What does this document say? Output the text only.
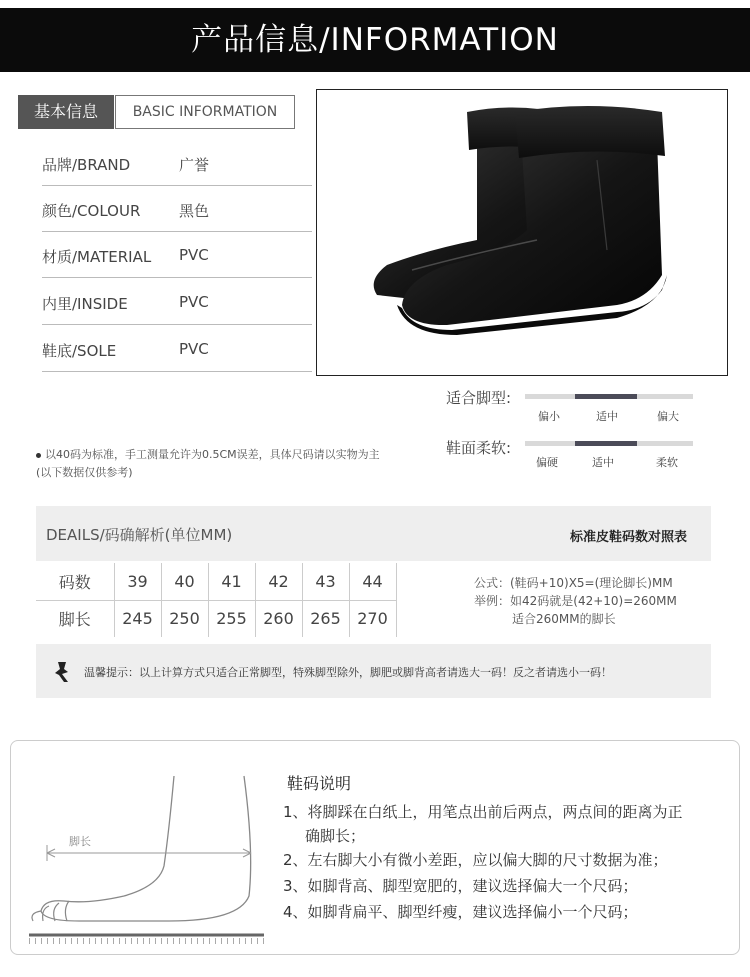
产品信息/INFORMATION
基本信息	BASIC INFORMATION
品牌/BRAND	广誉
颜色/COLOUR	黑色
材质/MATERIAL PVC
内里/INSIDE	PVC
鞋底/SOLE	PVC
适合脚型:
偏小	适中	偏大
鞋面柔软:
偏硬	适中	柔软
以40码为标准，手工测量允许为0.5CM误差，具体尺码请以实物为主
(以下数据仅供参考)
DEAILS/码确解析(单位MM)	标准皮鞋码数对照表
码数	39	40	41	42	43	44
脚长	245	250	255	260	265	270
公式：(鞋码+10)X5=(理论脚长)MM
举例：如42码就是(42+10)=260MM
适合260MM的脚长
温馨提示：以上计算方式只适合正常脚型，特殊脚型除外，脚肥或脚背高者请选大一码！反之者请选小一码！
脚长
鞋码说明
1、将脚踩在白纸上，用笔点出前后两点，两点间的距离为正
确脚长；
2、左右脚大小有微小差距，应以偏大脚的尺寸数据为准；
3、如脚背高、脚型宽肥的，建议选择偏大一个尺码；
4、如脚背扁平、脚型纤瘦，建议选择偏小一个尺码；
